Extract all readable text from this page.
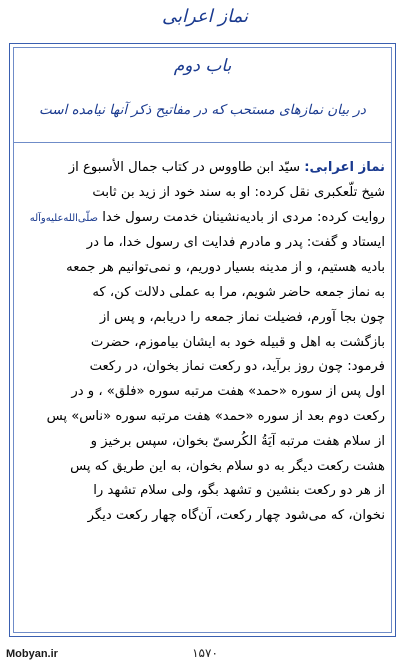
نماز اعرابی
باب دوم
در بیان نمازهای مستحب که در مفاتیح ذکر آنها نیامده است
نماز اعرابی: سیّد ابن طاووس در کتاب جمال الأسبوع از
شیخ تلّعکبری نقل کرده: او به سند خود از زید بن ثابت
روایت کرده: مردی از بادیه‌نشینان خدمت رسول خدا صلّی‌الله‌علیه‌وآله
ایستاد و گفت: پدر و مادرم فدایت ای رسول خدا، ما در
بادیه هستیم، و از مدینه بسیار دوریم، و نمی‌توانیم هر جمعه
به نماز جمعه حاضر شویم، مرا به عملی دلالت کن، که
چون بجا آورم، فضیلت نماز جمعه را دریابم، و پس از
بازگشت به اهل و قبیله خود به ایشان بیاموزم، حضرت
فرمود: چون روز برآید، دو رکعت نماز بخوان، در رکعت
اول پس از سوره «حمد» هفت مرتبه سوره «فلق» ، و در
رکعت دوم بعد از سوره «حمد» هفت مرتبه سوره «ناس» پس
از سلام هفت مرتبه آیَةُ الکُرسیّ بخوان، سپس برخیز و
هشت رکعت دیگر به دو سلام بخوان، به این طریق که پس
از هر دو رکعت بنشین و تشهد بگو، ولی سلام تشهد را
نخوان، که می‌شود چهار رکعت، آن‌گاه چهار رکعت دیگر
Mobyan.ir	۱۵۷۰
